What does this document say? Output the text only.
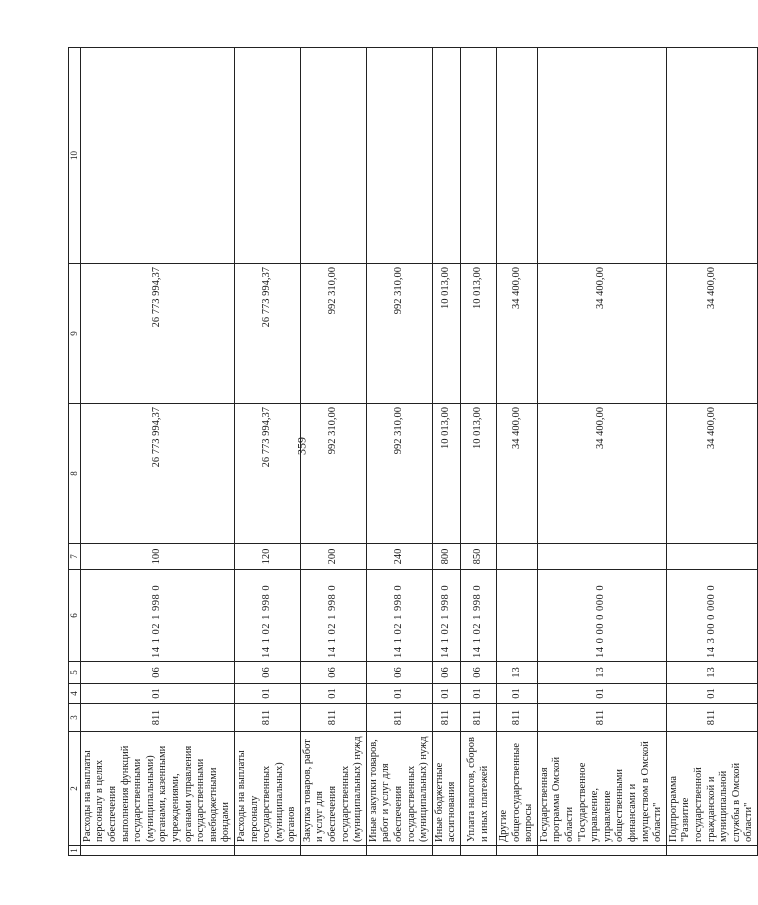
359
1	2	3	4	5	6	7	8	9	10
	Расходы на выплаты персоналу в целях обеспечения выполнения функций государственными (муниципальными) органами, казенными учреждениями, органами управления государственными внебюджетными фондами	811	01	06	14 1 02 1 998 0	100	26 773 994,37	26 773 994,37	
	Расходы на выплаты персоналу государственных (муниципальных) органов	811	01	06	14 1 02 1 998 0	120	26 773 994,37	26 773 994,37	
	Закупка товаров, работ и услуг для обеспечения государственных (муниципальных) нужд	811	01	06	14 1 02 1 998 0	200	992 310,00	992 310,00	
	Иные закупки товаров, работ и услуг для обеспечения государственных (муниципальных) нужд	811	01	06	14 1 02 1 998 0	240	992 310,00	992 310,00	
	Иные бюджетные ассигнования	811	01	06	14 1 02 1 998 0	800	10 013,00	10 013,00	
	Уплата налогов, сборов и иных платежей	811	01	06	14 1 02 1 998 0	850	10 013,00	10 013,00	
	Другие общегосударственные вопросы	811	01	13			34 400,00	34 400,00	
	Государственная программа Омской области "Государственное управление, управление общественными финансами и имуществом в Омской области"	811	01	13	14 0 00 0 000 0		34 400,00	34 400,00	
	Подпрограмма "Развитие государственной гражданской и муниципальной службы в Омской области"	811	01	13	14 3 00 0 000 0		34 400,00	34 400,00	
